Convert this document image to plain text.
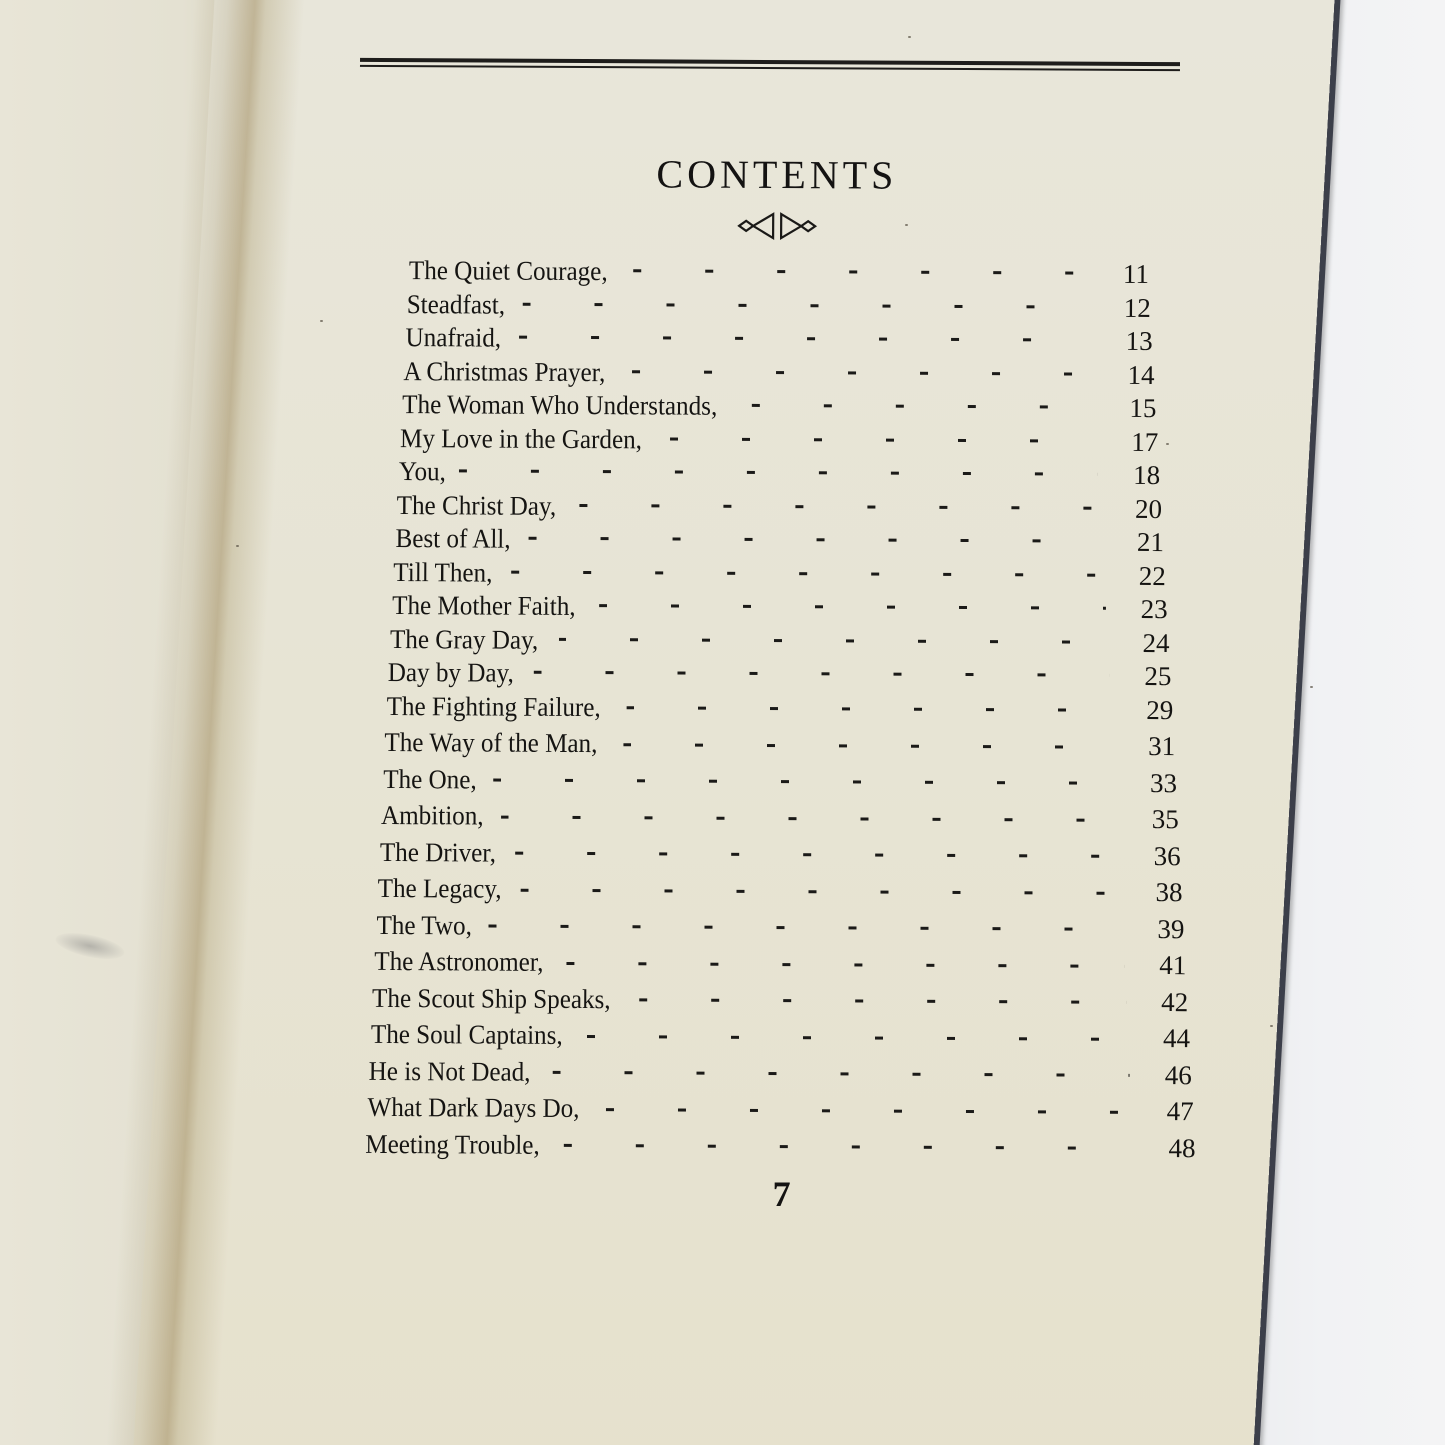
CONTENTS
The Quiet Courage,	11
Steadfast,	12
Unafraid,	13
A Christmas Prayer,	14
The Woman Who Understands,	15
My Love in the Garden,	17
You,	18
The Christ Day,	20
Best of All,	21
Till Then,	22
The Mother Faith,	23
The Gray Day,	24
Day by Day,	25
The Fighting Failure,	29
The Way of the Man,	31
The One,	33
Ambition,	35
The Driver,	36
The Legacy,	38
The Two,	39
The Astronomer,	41
The Scout Ship Speaks,	42
The Soul Captains,	44
He is Not Dead,	46
What Dark Days Do,	47
Meeting Trouble,	48
7
